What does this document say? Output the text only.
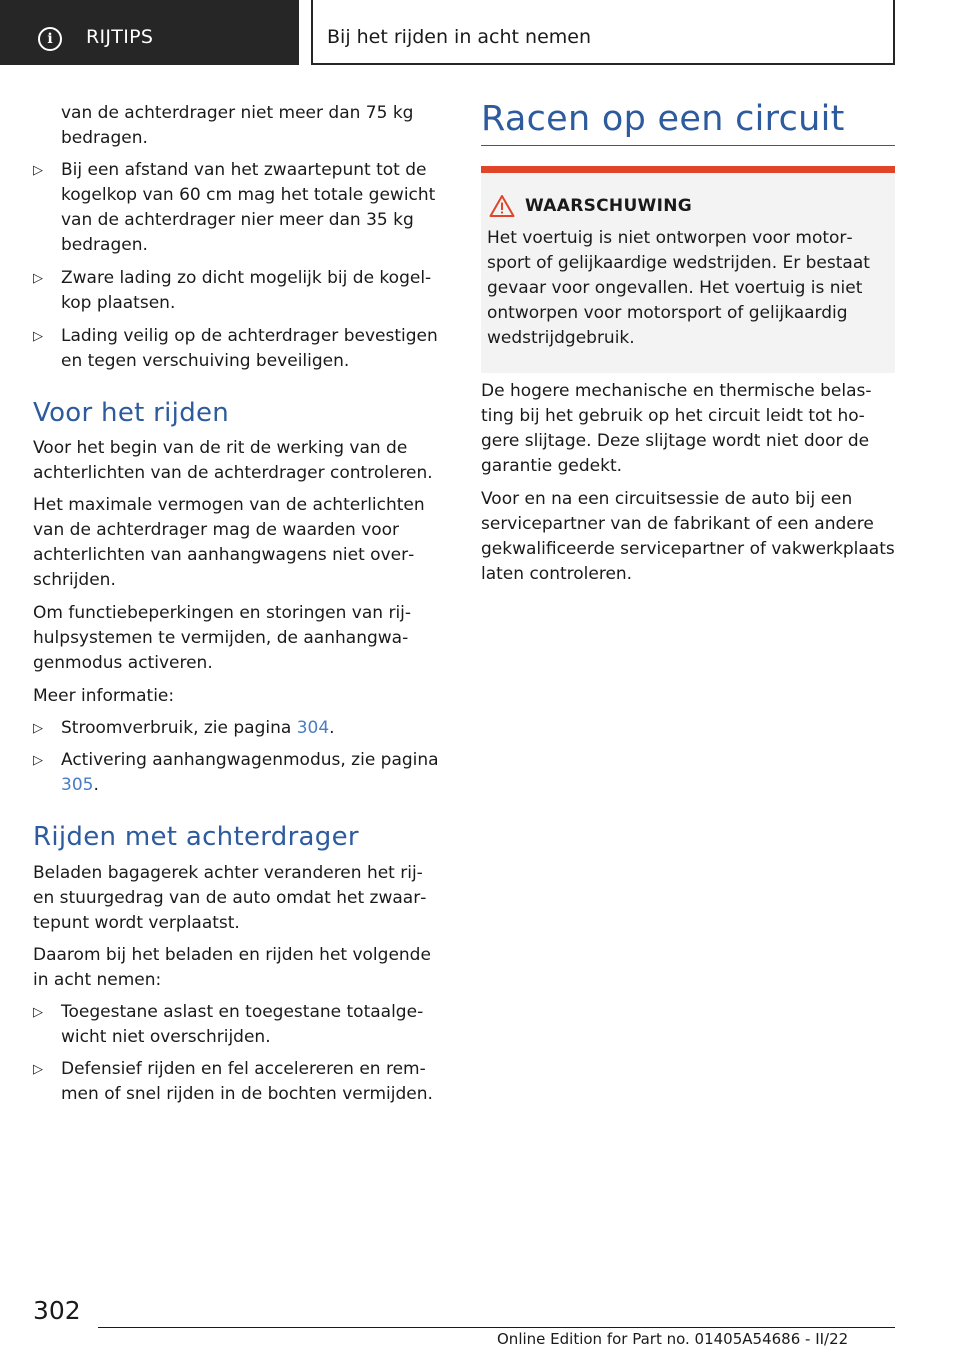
i	RIJTIPS	Bij het rijden in acht nemen

van de achterdrager niet meer dan 75 kg bedragen.

▷ Bij een afstand van het zwaartepunt tot de kogelkop van 60 cm mag het totale gewicht van de achterdrager nier meer dan 35 kg bedragen.
▷ Zware lading zo dicht mogelijk bij de kogelkop plaatsen.
▷ Lading veilig op de achterdrager bevestigen en tegen verschuiving beveiligen.
Voor het rijden

Voor het begin van de rit de werking van de achterlichten van de achterdrager controleren.

Het maximale vermogen van de achterlichten van de achterdrager mag de waarden voor achterlichten van aanhangwagens niet overschrijden.

Om functiebeperkingen en storingen van rijhulpsystemen te vermijden, de aanhangwagenmodus activeren.

Meer informatie:

▷ Stroomverbruik, zie pagina 304.
▷ Activering aanhangwagenmodus, zie pagina 305.
Rijden met achterdrager

Beladen bagagerek achter veranderen het rij- en stuurgedrag van de auto omdat het zwaartepunt wordt verplaatst.

Daarom bij het beladen en rijden het volgende in acht nemen:

▷ Toegestane aslast en toegestane totaalgewicht niet overschrijden.
▷ Defensief rijden en fel accelereren en remmen of snel rijden in de bochten vermijden.
Racen op een circuit
WAARSCHUWING

Het voertuig is niet ontworpen voor motorsport of gelijkaardige wedstrijden. Er bestaat gevaar voor ongevallen. Het voertuig is niet ontworpen voor motorsport of gelijkaardig wedstrijdgebruik.

De hogere mechanische en thermische belasting bij het gebruik op het circuit leidt tot hogere slijtage. Deze slijtage wordt niet door de garantie gedekt.

Voor en na een circuitsessie de auto bij een servicepartner van de fabrikant of een andere gekwalificeerde servicepartner of vakwerkplaats laten controleren.

302
Online Edition for Part no. 01405A54686 - II/22
